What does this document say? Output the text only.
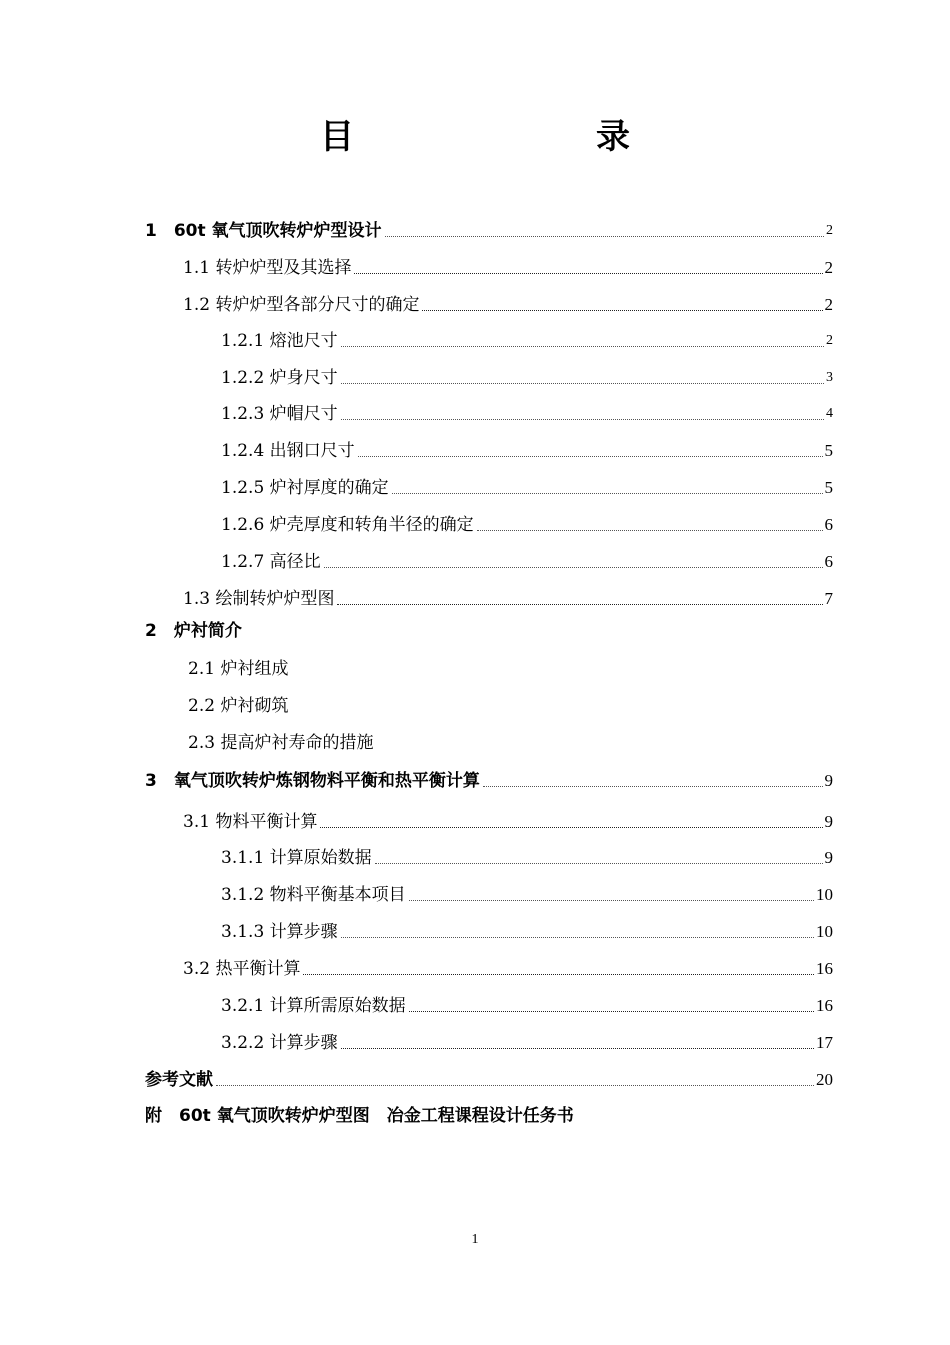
目　　录
1　60t 氧气顶吹转炉炉型设计	2
1.1 转炉炉型及其选择	2
1.2 转炉炉型各部分尺寸的确定	2
1.2.1 熔池尺寸	2
1.2.2 炉身尺寸	3
1.2.3 炉帽尺寸	4
1.2.4 出钢口尺寸	5
1.2.5 炉衬厚度的确定	5
1.2.6 炉壳厚度和转角半径的确定	6
1.2.7 高径比	6
1.3 绘制转炉炉型图	7
2　炉衬简介
2.1 炉衬组成
2.2 炉衬砌筑
2.3 提高炉衬寿命的措施
3　氧气顶吹转炉炼钢物料平衡和热平衡计算	9
3.1 物料平衡计算	9
3.1.1 计算原始数据	9
3.1.2 物料平衡基本项目	10
3.1.3 计算步骤	10
3.2 热平衡计算	16
3.2.1 计算所需原始数据	16
3.2.2 计算步骤	17
参考文献	20
附　60t 氧气顶吹转炉炉型图　冶金工程课程设计任务书
1
